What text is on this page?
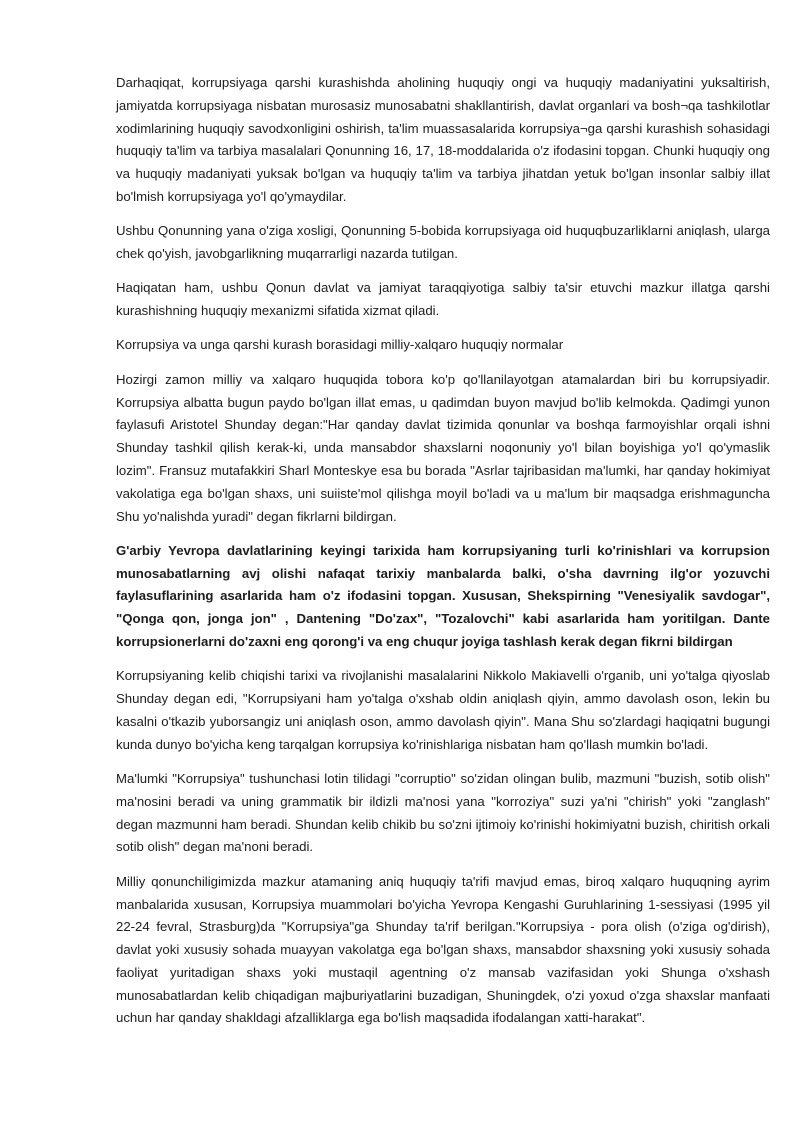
Darhaqiqat, korrupsiyaga qarshi kurashishda aholining huquqiy ongi va huquqiy madaniyatini yuksaltirish, jamiyatda korrupsiyaga nisbatan murosasiz munosabatni shakllantirish, davlat organlari va bosh¬qa tashkilotlar xodimlarining huquqiy savodxonligini oshirish, ta'lim muassasalarida korrupsiya¬ga qarshi kurashish sohasidagi huquqiy ta'lim va tarbiya masalalari Qonunning 16, 17, 18-moddalarida o'z ifodasini topgan. Chunki huquqiy ong va huquqiy madaniyati yuksak bo'lgan va huquqiy ta'lim va tarbiya jihatdan yetuk bo'lgan insonlar salbiy illat bo'lmish korrupsiyaga yo'l qo'ymaydilar.

Ushbu Qonunning yana o'ziga xosligi, Qonunning 5-bobida korrupsiyaga oid huquqbuzarliklarni aniqlash, ularga chek qo'yish, javobgarlikning muqarrarligi nazarda tutilgan.

Haqiqatan ham, ushbu Qonun davlat va jamiyat taraqqiyotiga salbiy ta'sir etuvchi mazkur illatga qarshi kurashishning huquqiy mexanizmi sifatida xizmat qiladi.

Korrupsiya va unga qarshi kurash borasidagi milliy-xalqaro huquqiy normalar

Hozirgi zamon milliy va xalqaro huquqida tobora ko'p qo'llanilayotgan atamalardan biri bu korrupsiyadir. Korrupsiya albatta bugun paydo bo'lgan illat emas, u qadimdan buyon mavjud bo'lib kelmokda. Qadimgi yunon faylasufi Aristotel Shunday degan:"Har qanday davlat tizimida qonunlar va boshqa farmoyishlar orqali ishni Shunday tashkil qilish kerak-ki, unda mansabdor shaxslarni noqonuniy yo'l bilan boyishiga yo'l qo'ymaslik lozim". Fransuz mutafakkiri Sharl Monteskye esa bu borada "Asrlar tajribasidan ma'lumki, har qanday hokimiyat vakolatiga ega bo'lgan shaxs, uni suiiste'mol qilishga moyil bo'ladi va u ma'lum bir maqsadga erishmaguncha Shu yo'nalishda yuradi" degan fikrlarni bildirgan.

G'arbiy Yevropa davlatlarining keyingi tarixida ham korrupsiyaning turli ko'rinishlari va korrupsion munosabatlarning avj olishi nafaqat tarixiy manbalarda balki, o'sha davrning ilg'or yozuvchi faylasuflarining asarlarida ham o'z ifodasini topgan. Xususan, Shekspirning "Venesiyalik savdogar", "Qonga qon, jonga jon" , Dantening "Do'zax", "Tozalovchi" kabi asarlarida ham yoritilgan. Dante korrupsionerlarni do'zaxni eng qorong'i va eng chuqur joyiga tashlash kerak degan fikrni bildirgan

Korrupsiyaning kelib chiqishi tarixi va rivojlanishi masalalarini Nikkolo Makiavelli o'rganib, uni yo'talga qiyoslab Shunday degan edi, "Korrupsiyani ham yo'talga o'xshab oldin aniqlash qiyin, ammo davolash oson, lekin bu kasalni o'tkazib yuborsangiz uni aniqlash oson, ammo davolash qiyin". Mana Shu so'zlardagi haqiqatni bugungi kunda dunyo bo'yicha keng tarqalgan korrupsiya ko'rinishlariga nisbatan ham qo'llash mumkin bo'ladi.

Ma'lumki "Korrupsiya" tushunchasi lotin tilidagi "corruptio" so'zidan olingan bulib, mazmuni "buzish, sotib olish" ma'nosini beradi va uning grammatik bir ildizli ma'nosi yana "korroziya" suzi ya'ni "chirish" yoki "zanglash" degan mazmunni ham beradi. Shundan kelib chikib bu so'zni ijtimoiy ko'rinishi hokimiyatni buzish, chiritish orkali sotib olish" degan ma'noni beradi.

Milliy qonunchiligimizda mazkur atamaning aniq huquqiy ta'rifi mavjud emas, biroq xalqaro huquqning ayrim manbalarida xususan, Korrupsiya muammolari bo'yicha Yevropa Kengashi Guruhlarining 1-sessiyasi (1995 yil 22-24 fevral, Strasburg)da "Korrupsiya"ga Shunday ta'rif berilgan."Korrupsiya - pora olish (o'ziga og'dirish), davlat yoki xususiy sohada muayyan vakolatga ega bo'lgan shaxs, mansabdor shaxsning yoki xususiy sohada faoliyat yuritadigan shaxs yoki mustaqil agentning o'z mansab vazifasidan yoki Shunga o'xshash munosabatlardan kelib chiqadigan majburiyatlarini buzadigan, Shuningdek, o'zi yoxud o'zga shaxslar manfaati uchun har qanday shakldagi afzalliklarga ega bo'lish maqsadida ifodalangan xatti-harakat".
